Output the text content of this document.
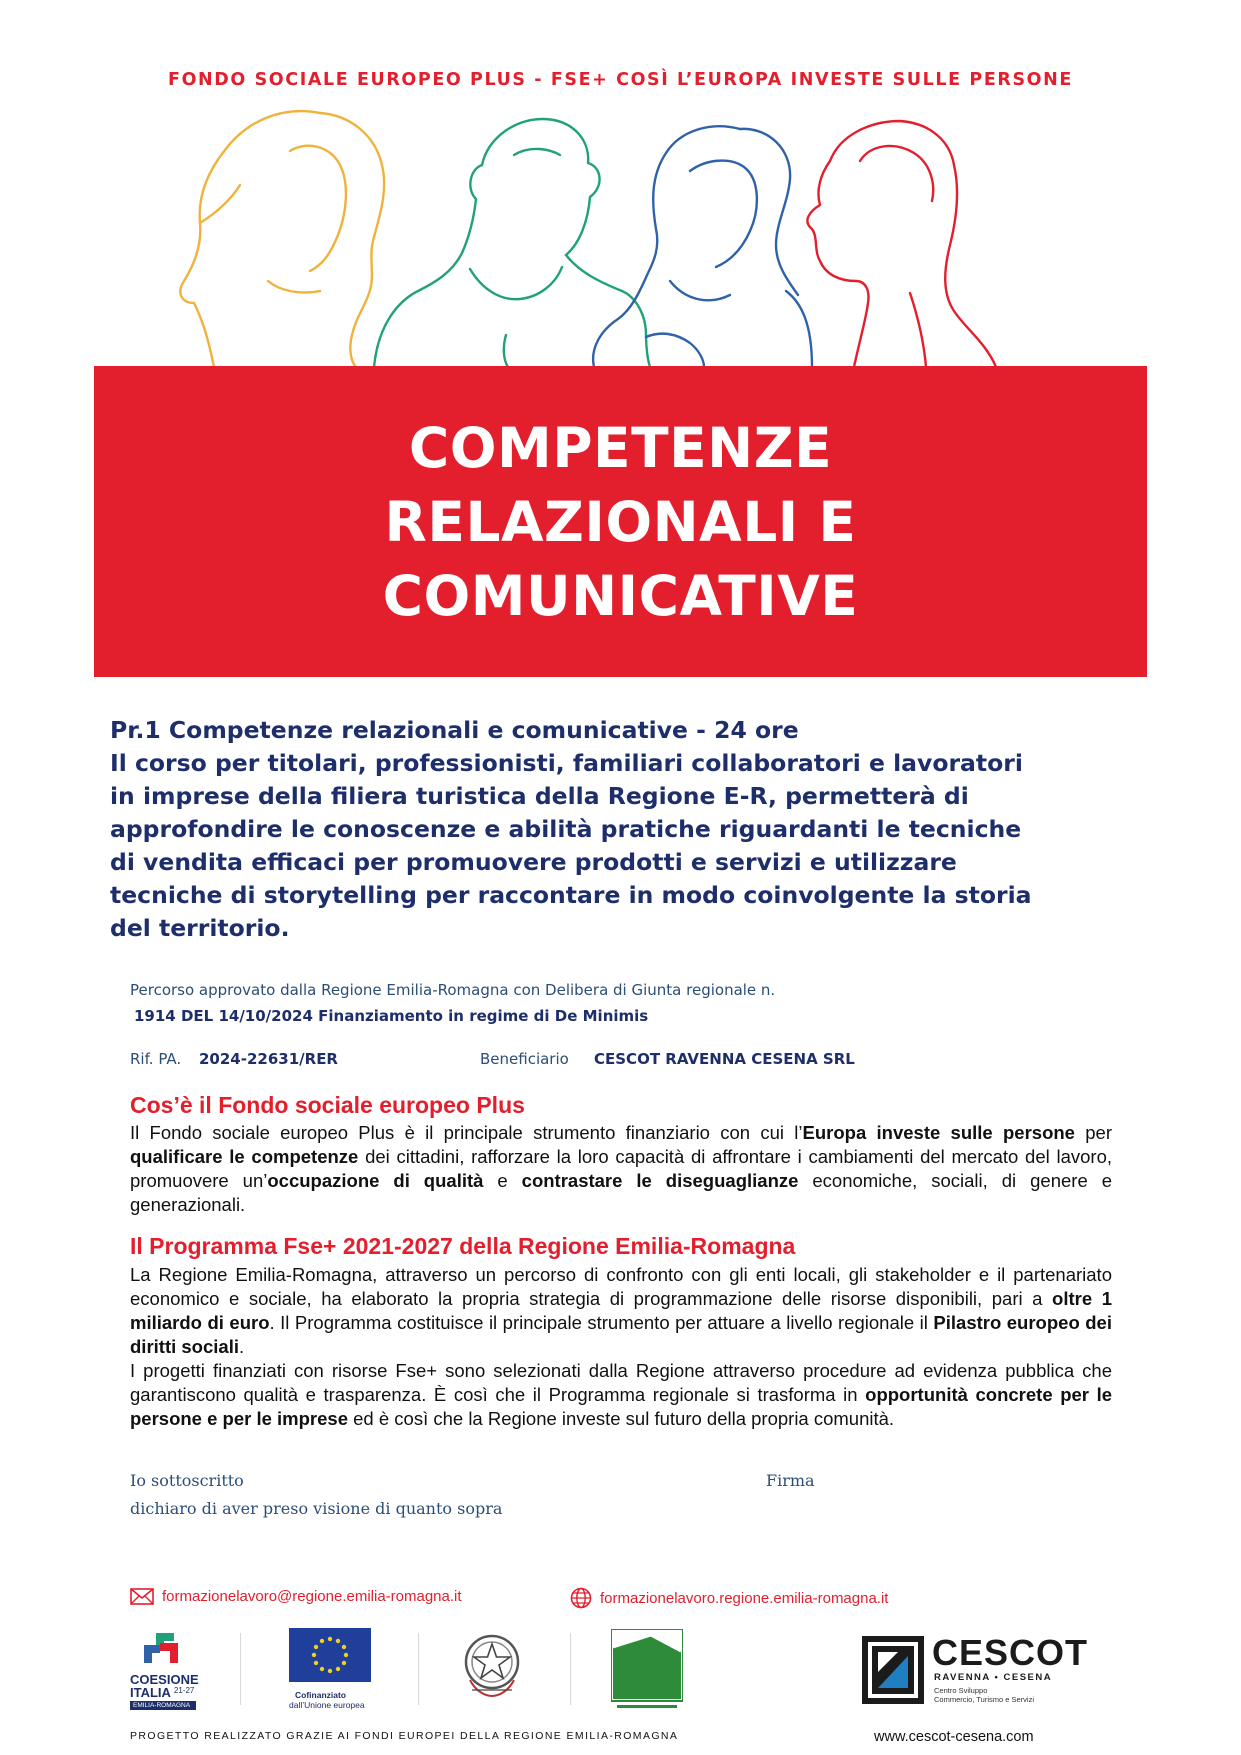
FONDO SOCIALE EUROPEO PLUS - FSE+ COSÌ L’EUROPA INVESTE SULLE PERSONE
COMPETENZE
RELAZIONALI E
COMUNICATIVE
Pr.1 Competenze relazionali e comunicative - 24 ore
Il corso per titolari, professionisti, familiari collaboratori e lavoratori
in imprese della filiera turistica della Regione E-R, permetterà di
approfondire le conoscenze e abilità pratiche riguardanti le tecniche
di vendita efficaci per promuovere prodotti e servizi e utilizzare
tecniche di storytelling per raccontare in modo coinvolgente la storia
del territorio.
Percorso approvato dalla Regione Emilia-Romagna con Delibera di Giunta regionale n.
1914 DEL 14/10/2024 Finanziamento in regime di De Minimis
Rif. PA. 2024-22631/RER	Beneficiario CESCOT RAVENNA CESENA SRL
Cos’è il Fondo sociale europeo Plus
Il Fondo sociale europeo Plus è il principale strumento finanziario con cui l’Europa investe sulle persone per qualificare le competenze dei cittadini, rafforzare la loro capacità di affrontare i cambiamenti del mercato del lavoro, promuovere un’occupazione di qualità e contrastare le diseguaglianze economiche, sociali, di genere e generazionali.
Il Programma Fse+ 2021-2027 della Regione Emilia-Romagna
La Regione Emilia-Romagna, attraverso un percorso di confronto con gli enti locali, gli stakeholder e il partenariato economico e sociale, ha elaborato la propria strategia di programmazione delle risorse disponibili, pari a oltre 1 miliardo di euro. Il Programma costituisce il principale strumento per attuare a livello regionale il Pilastro europeo dei diritti sociali.
I progetti finanziati con risorse Fse+ sono selezionati dalla Regione attraverso procedure ad evidenza pubblica che garantiscono qualità e trasparenza. È così che il Programma regionale si trasforma in opportunità concrete per le persone e per le imprese ed è così che la Regione investe sul futuro della propria comunità.
Io sottoscritto
dichiaro di aver preso visione di quanto sopra
Firma
formazionelavoro@regione.emilia-romagna.it	formazionelavoro.regione.emilia-romagna.it
COESIONE
ITALIA 21-27
EMILIA-ROMAGNA
Cofinanziato
dall’Unione europea
CESCOT
RAVENNA • CESENA
Centro Sviluppo
Commercio, Turismo e Servizi
PROGETTO REALIZZATO GRAZIE AI FONDI EUROPEI DELLA REGIONE EMILIA-ROMAGNA	www.cescot-cesena.com
